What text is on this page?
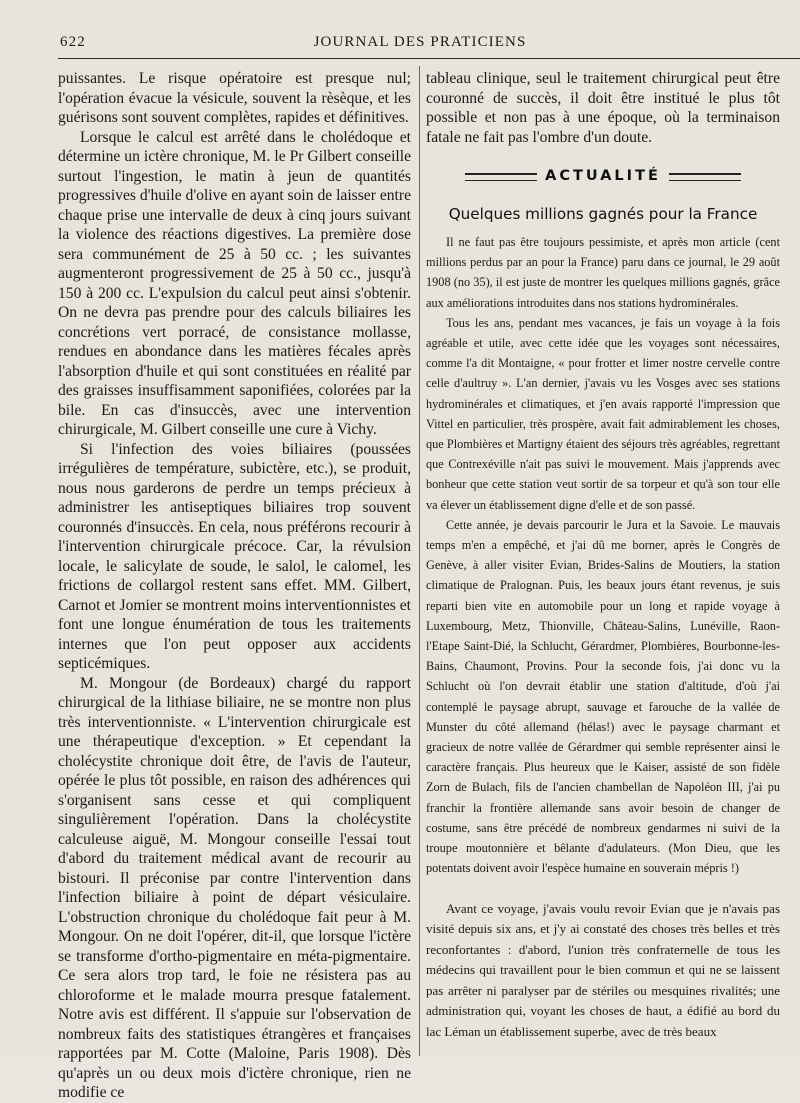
622	JOURNAL DES PRATICIENS

puissantes. Le risque opératoire est presque nul; l'opération évacue la vésicule, souvent la rèsèque, et les guérisons sont souvent complètes, rapides et définitives.

Lorsque le calcul est arrêté dans le cholédoque et détermine un ictère chronique, M. le Pr Gilbert conseille surtout l'ingestion, le matin à jeun de quantités progressives d'huile d'olive en ayant soin de laisser entre chaque prise une intervalle de deux à cinq jours suivant la violence des réactions digestives. La première dose sera communément de 25 à 50 cc. ; les suivantes augmenteront progressivement de 25 à 50 cc., jusqu'à 150 à 200 cc. L'expulsion du calcul peut ainsi s'obtenir. On ne devra pas prendre pour des calculs biliaires les concrétions vert porracé, de consistance mollasse, rendues en abondance dans les matières fécales après l'absorption d'huile et qui sont constituées en réalité par des graisses insuffisamment saponifiées, colorées par la bile. En cas d'insuccès, avec une intervention chirurgicale, M. Gilbert conseille une cure à Vichy.

Si l'infection des voies biliaires (poussées irrégulières de température, subictère, etc.), se produit, nous nous garderons de perdre un temps précieux à administrer les antiseptiques biliaires trop souvent couronnés d'insuccès. En cela, nous préférons recourir à l'intervention chirurgicale précoce. Car, la révulsion locale, le salicylate de soude, le salol, le calomel, les frictions de collargol restent sans effet. MM. Gilbert, Carnot et Jomier se montrent moins interventionnistes et font une longue énumération de tous les traitements internes que l'on peut opposer aux accidents septicémiques.

M. Mongour (de Bordeaux) chargé du rapport chirurgical de la lithiase biliaire, ne se montre non plus très interventionniste. « L'intervention chirurgicale est une thérapeutique d'exception. » Et cependant la cholécystite chronique doit être, de l'avis de l'auteur, opérée le plus tôt possible, en raison des adhérences qui s'organisent sans cesse et qui compliquent singulièrement l'opération. Dans la cholécystite calculeuse aiguë, M. Mongour conseille l'essai tout d'abord du traitement médical avant de recourir au bistouri. Il préconise par contre l'intervention dans l'infection biliaire à point de départ vésiculaire. L'obstruction chronique du cholédoque fait peur à M. Mongour. On ne doit l'opérer, dit-il, que lorsque l'ictère se transforme d'ortho-pigmentaire en méta-pigmentaire. Ce sera alors trop tard, le foie ne résistera pas au chloroforme et le malade mourra presque fatalement. Notre avis est différent. Il s'appuie sur l'observation de nombreux faits des statistiques étrangères et françaises rapportées par M. Cotte (Maloine, Paris 1908). Dès qu'après un ou deux mois d'ictère chronique, rien ne modifie ce

tableau clinique, seul le traitement chirurgical peut être couronné de succès, il doit être institué le plus tôt possible et non pas à une époque, où la terminaison fatale ne fait pas l'ombre d'un doute.

ACTUALITÉ
Quelques millions gagnés pour la France

Il ne faut pas être toujours pessimiste, et après mon article (cent millions perdus par an pour la France) paru dans ce journal, le 29 août 1908 (no 35), il est juste de montrer les quelques millions gagnés, grâce aux améliorations introduites dans nos stations hydrominérales.

Tous les ans, pendant mes vacances, je fais un voyage à la fois agréable et utile, avec cette idée que les voyages sont nécessaires, comme l'a dit Montaigne, « pour frotter et limer nostre cervelle contre celle d'aultruy ». L'an dernier, j'avais vu les Vosges avec ses stations hydrominérales et climatiques, et j'en avais rapporté l'impression que Vittel en particulier, très prospère, avait fait admirablement les choses, que Plombières et Martigny étaient des séjours très agréables, regrettant que Contrexéville n'ait pas suivi le mouvement. Mais j'apprends avec bonheur que cette station veut sortir de sa torpeur et qu'à son tour elle va élever un établissement digne d'elle et de son passé.

Cette année, je devais parcourir le Jura et la Savoie. Le mauvais temps m'en a empêché, et j'ai dû me borner, après le Congrès de Genève, à aller visiter Evian, Brides-Salins de Moutiers, la station climatique de Pralognan. Puis, les beaux jours étant revenus, je suis reparti bien vite en automobile pour un long et rapide voyage à Luxembourg, Metz, Thionville, Château-Salins, Lunéville, Raon-l'Etape Saint-Dié, la Schlucht, Gérardmer, Plombières, Bourbonne-les-Bains, Chaumont, Provins. Pour la seconde fois, j'ai donc vu la Schlucht où l'on devrait établir une station d'altitude, d'où j'ai contemplé le paysage abrupt, sauvage et farouche de la vallée de Munster du côté allemand (hélas!) avec le paysage charmant et gracieux de notre vallée de Gérardmer qui semble représenter ainsi le caractère français. Plus heureux que le Kaiser, assisté de son fidèle Zorn de Bulach, fils de l'ancien chambellan de Napoléon III, j'ai pu franchir la frontière allemande sans avoir besoin de changer de costume, sans être précédé de nombreux gendarmes ni suivi de la troupe moutonnière et bêlante d'adulateurs. (Mon Dieu, que les potentats doivent avoir l'espèce humaine en souverain mépris !)

Avant ce voyage, j'avais voulu revoir Evian que je n'avais pas visité depuis six ans, et j'y ai constaté des choses très belles et très reconfortantes : d'abord, l'union très confraternelle de tous les médecins qui travaillent pour le bien commun et qui ne se laissent pas arrêter ni paralyser par de stériles ou mesquines rivalités; une administration qui, voyant les choses de haut, a édifié au bord du lac Léman un établissement superbe, avec de très beaux
